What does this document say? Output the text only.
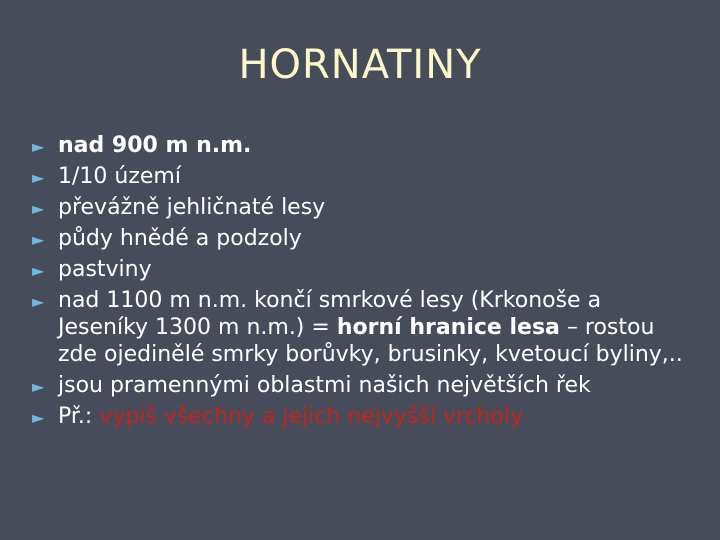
HORNATINY
► nad 900 m n.m.
► 1/10 území
► převážně jehličnaté lesy
► půdy hnědé a podzoly
► pastviny
► nad 1100 m n.m. končí smrkové lesy (Krkonoše a Jeseníky 1300 m n.m.) = horní hranice lesa – rostou zde ojedinělé smrky borůvky, brusinky, kvetoucí byliny,..
► jsou pramennými oblastmi našich největších řek
► Př.: vypiš všechny a jejich nejvyšší vrcholy
